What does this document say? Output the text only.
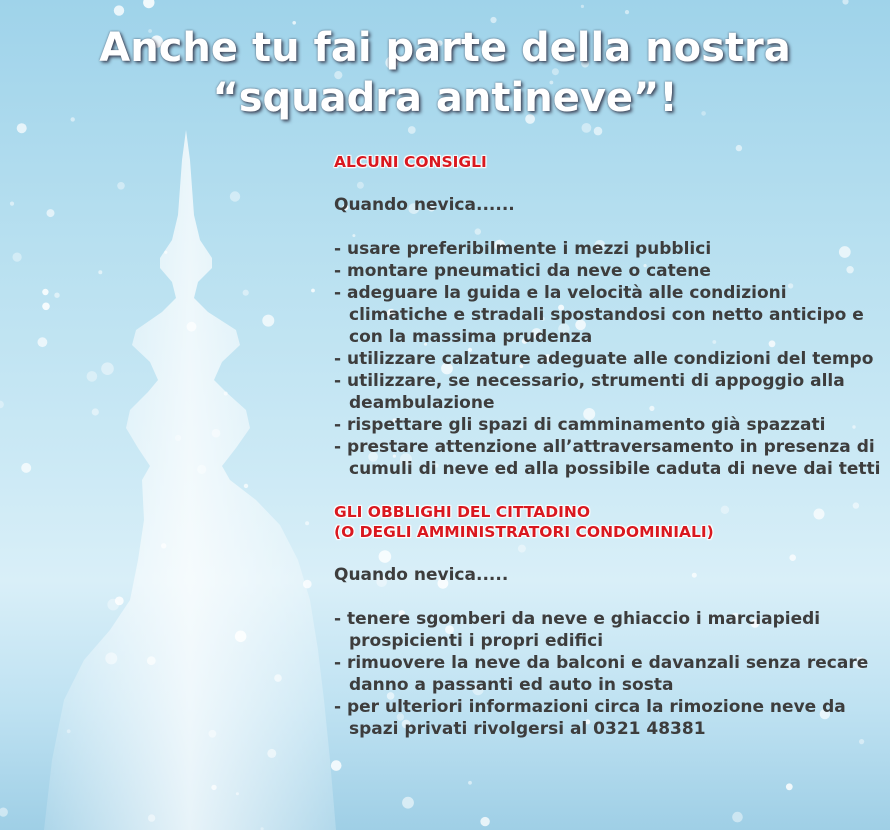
Anche tu fai parte della nostra
“squadra antineve”!

ALCUNI CONSIGLI

Quando nevica......

- usare preferibilmente i mezzi pubblici
- montare pneumatici da neve o catene
- adeguare la guida e la velocità alle condizioni climatiche e stradali spostandosi con netto anticipo e con la massima prudenza
- utilizzare calzature adeguate alle condizioni del tempo
- utilizzare, se necessario, strumenti di appoggio alla deambulazione
- rispettare gli spazi di camminamento già spazzati
- prestare attenzione all’attraversamento in presenza di cumuli di neve ed alla possibile caduta di neve dai tetti

GLI OBBLIGHI DEL CITTADINO

(O DEGLI AMMINISTRATORI CONDOMINIALI)

Quando nevica.....

- tenere sgomberi da neve e ghiaccio i marciapiedi prospicienti i propri edifici
- rimuovere la neve da balconi e davanzali senza recare danno a passanti ed auto in sosta
- per ulteriori informazioni circa la rimozione neve da spazi privati rivolgersi al 0321 48381
